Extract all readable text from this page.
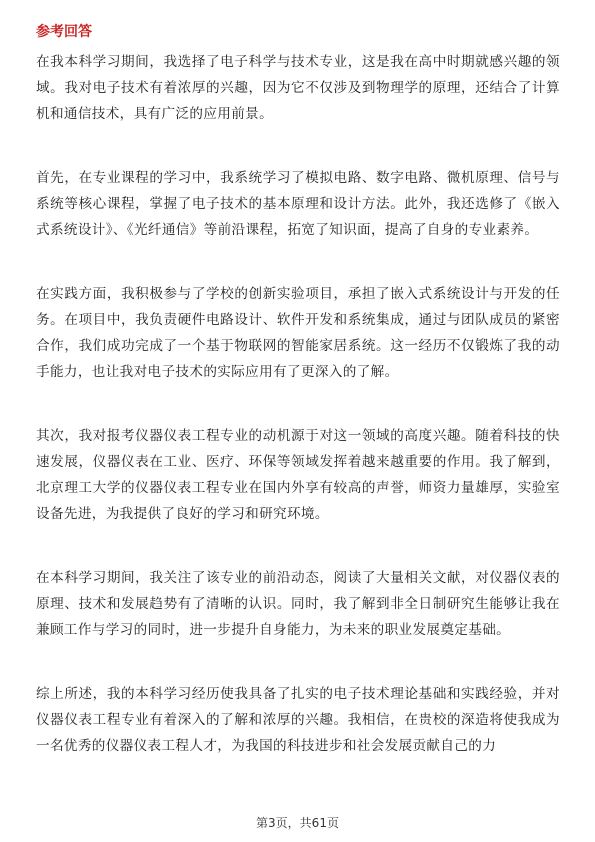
参考回答

在我本科学习期间，我选择了电子科学与技术专业，这是我在高中时期就感兴趣的领域。我对电子技术有着浓厚的兴趣，因为它不仅涉及到物理学的原理，还结合了计算机和通信技术，具有广泛的应用前景。

首先，在专业课程的学习中，我系统学习了模拟电路、数字电路、微机原理、信号与系统等核心课程，掌握了电子技术的基本原理和设计方法。此外，我还选修了《嵌入式系统设计》、《光纤通信》等前沿课程，拓宽了知识面，提高了自身的专业素养。

在实践方面，我积极参与了学校的创新实验项目，承担了嵌入式系统设计与开发的任务。在项目中，我负责硬件电路设计、软件开发和系统集成，通过与团队成员的紧密合作，我们成功完成了一个基于物联网的智能家居系统。这一经历不仅锻炼了我的动手能力，也让我对电子技术的实际应用有了更深入的了解。

其次，我对报考仪器仪表工程专业的动机源于对这一领域的高度兴趣。随着科技的快速发展，仪器仪表在工业、医疗、环保等领域发挥着越来越重要的作用。我了解到，北京理工大学的仪器仪表工程专业在国内外享有较高的声誉，师资力量雄厚，实验室设备先进，为我提供了良好的学习和研究环境。

在本科学习期间，我关注了该专业的前沿动态，阅读了大量相关文献，对仪器仪表的原理、技术和发展趋势有了清晰的认识。同时，我了解到非全日制研究生能够让我在兼顾工作与学习的同时，进一步提升自身能力，为未来的职业发展奠定基础。

综上所述，我的本科学习经历使我具备了扎实的电子技术理论基础和实践经验，并对仪器仪表工程专业有着深入的了解和浓厚的兴趣。我相信，在贵校的深造将使我成为一名优秀的仪器仪表工程人才，为我国的科技进步和社会发展贡献自己的力

第3页，共61页
